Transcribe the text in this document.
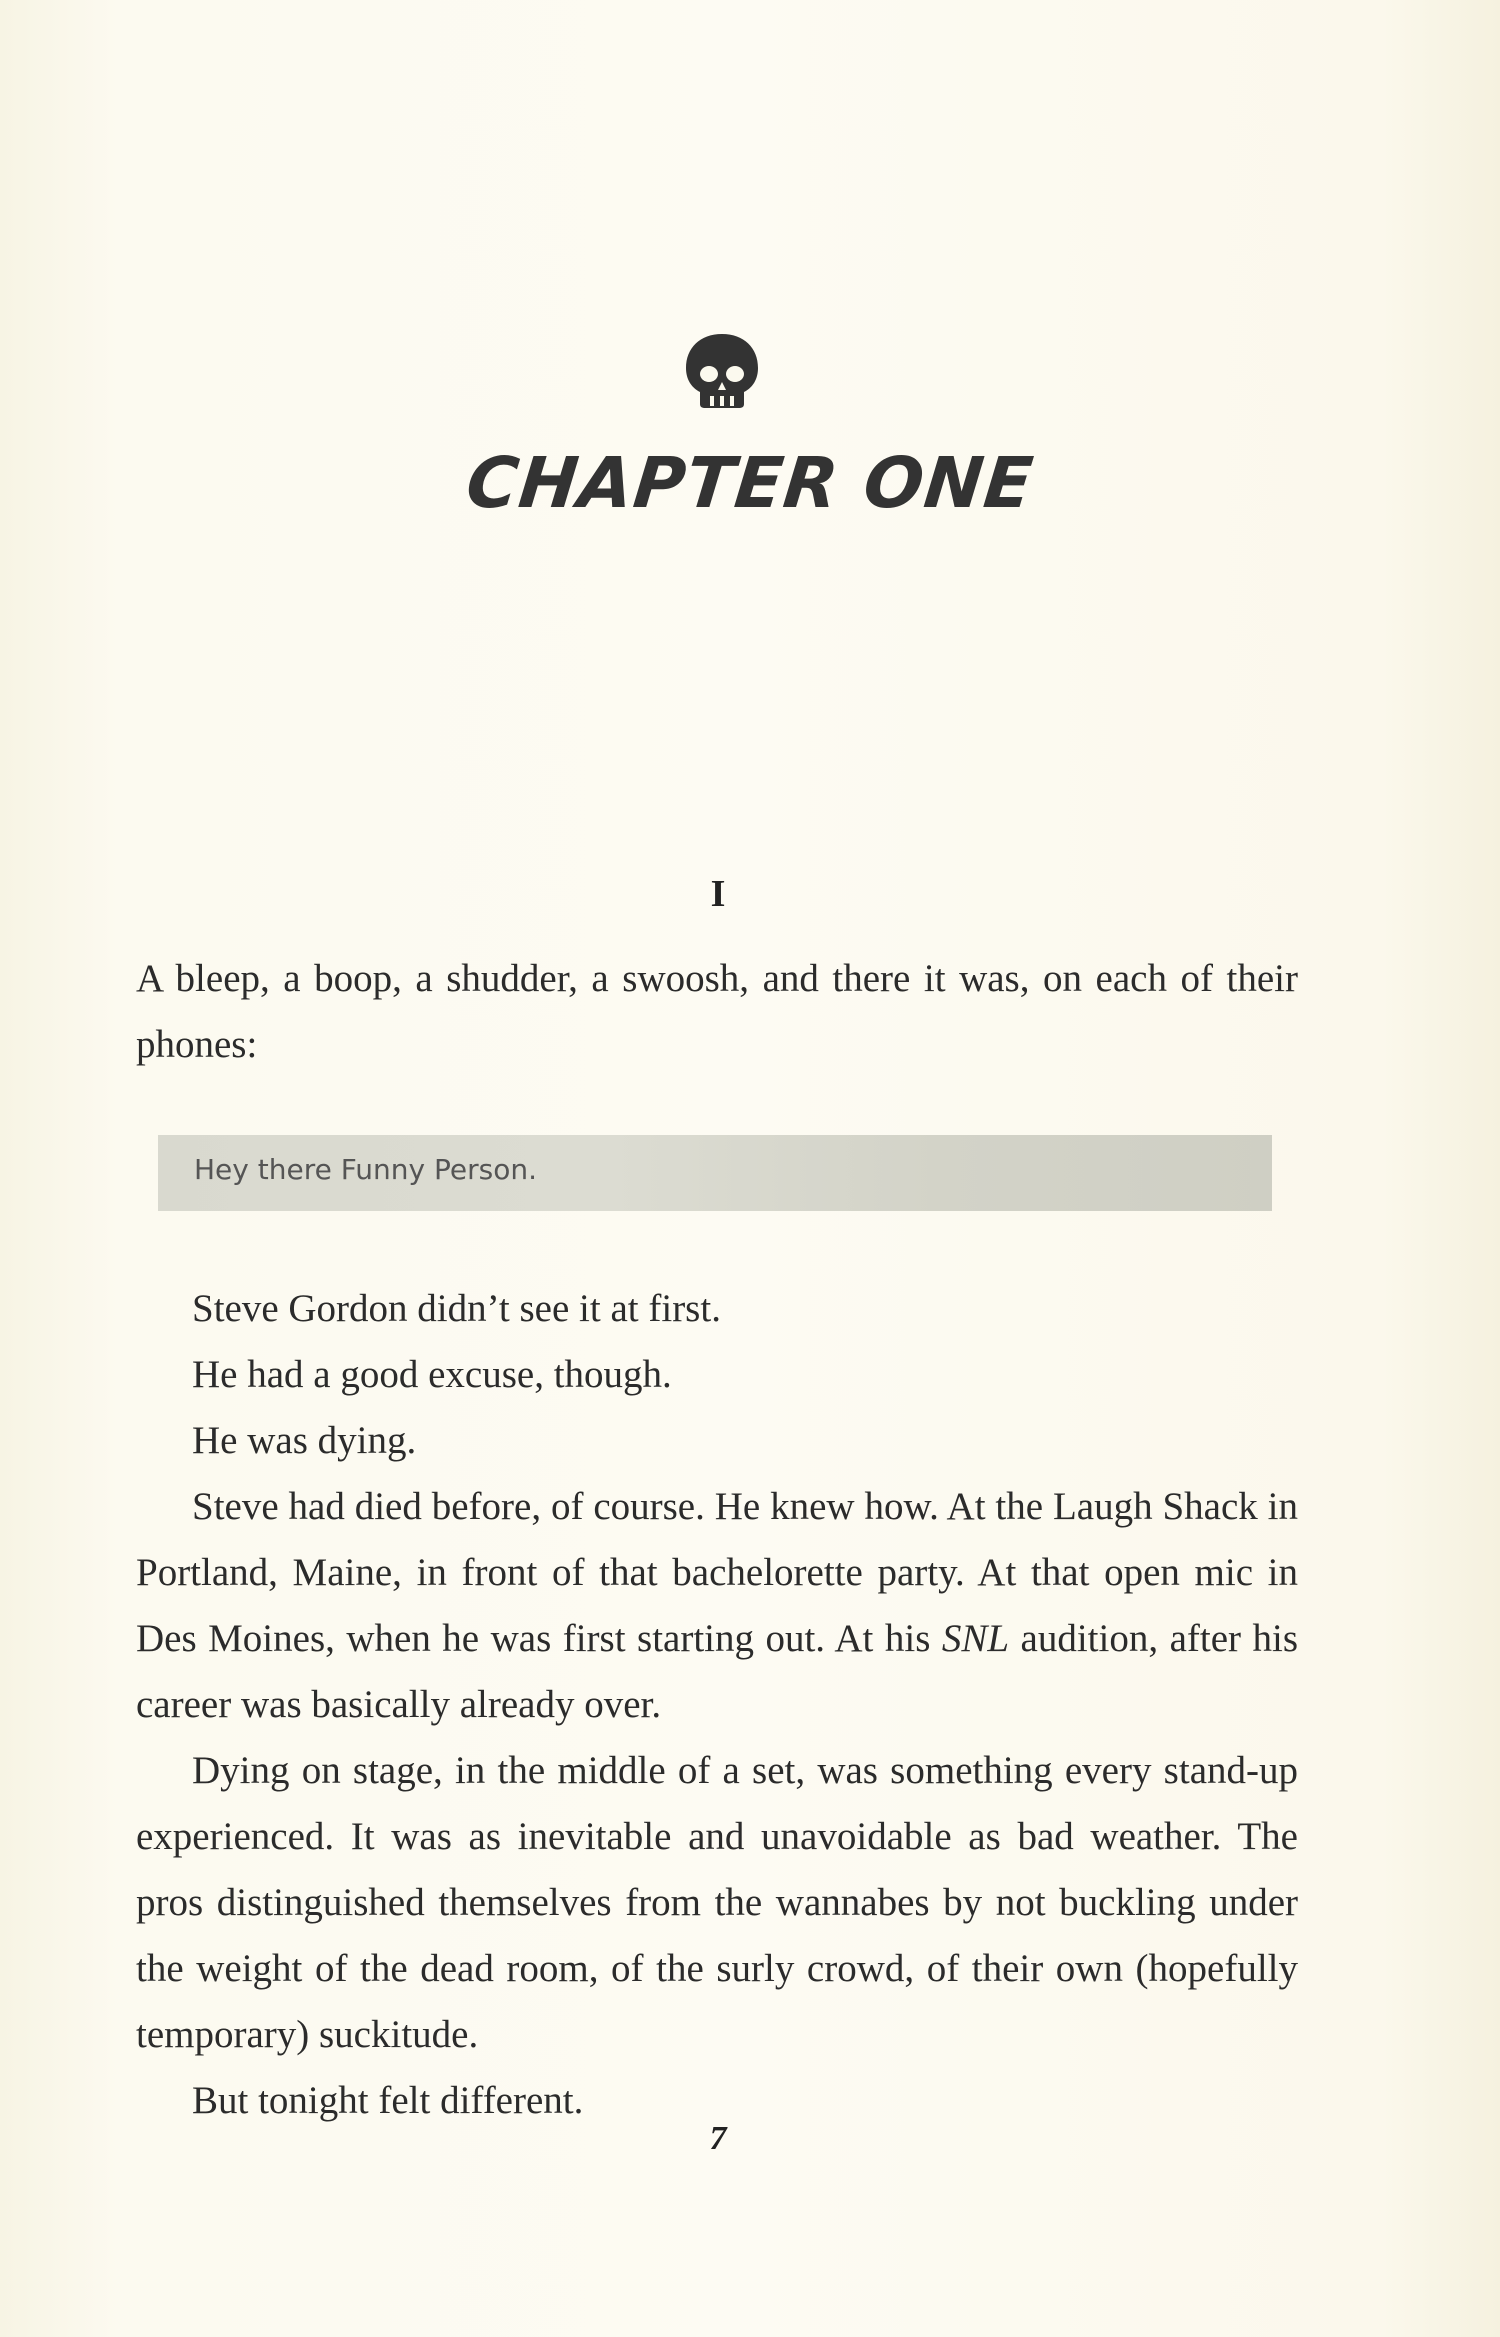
CHAPTER ONE
I
A bleep, a boop, a shudder, a swoosh, and there it was, on each of their phones:
Hey there Funny Person.

Steve Gordon didn’t see it at first.

He had a good excuse, though.

He was dying.

Steve had died before, of course. He knew how. At the Laugh Shack in Portland, Maine, in front of that bachelorette party. At that open mic in Des Moines, when he was first starting out. At his SNL audition, after his career was basically already over.

Dying on stage, in the middle of a set, was something every stand-up experienced. It was as inevitable and unavoidable as bad weather. The pros distinguished themselves from the wannabes by not buckling under the weight of the dead room, of the surly crowd, of their own (hopefully temporary) suckitude.

But tonight felt different.

7
